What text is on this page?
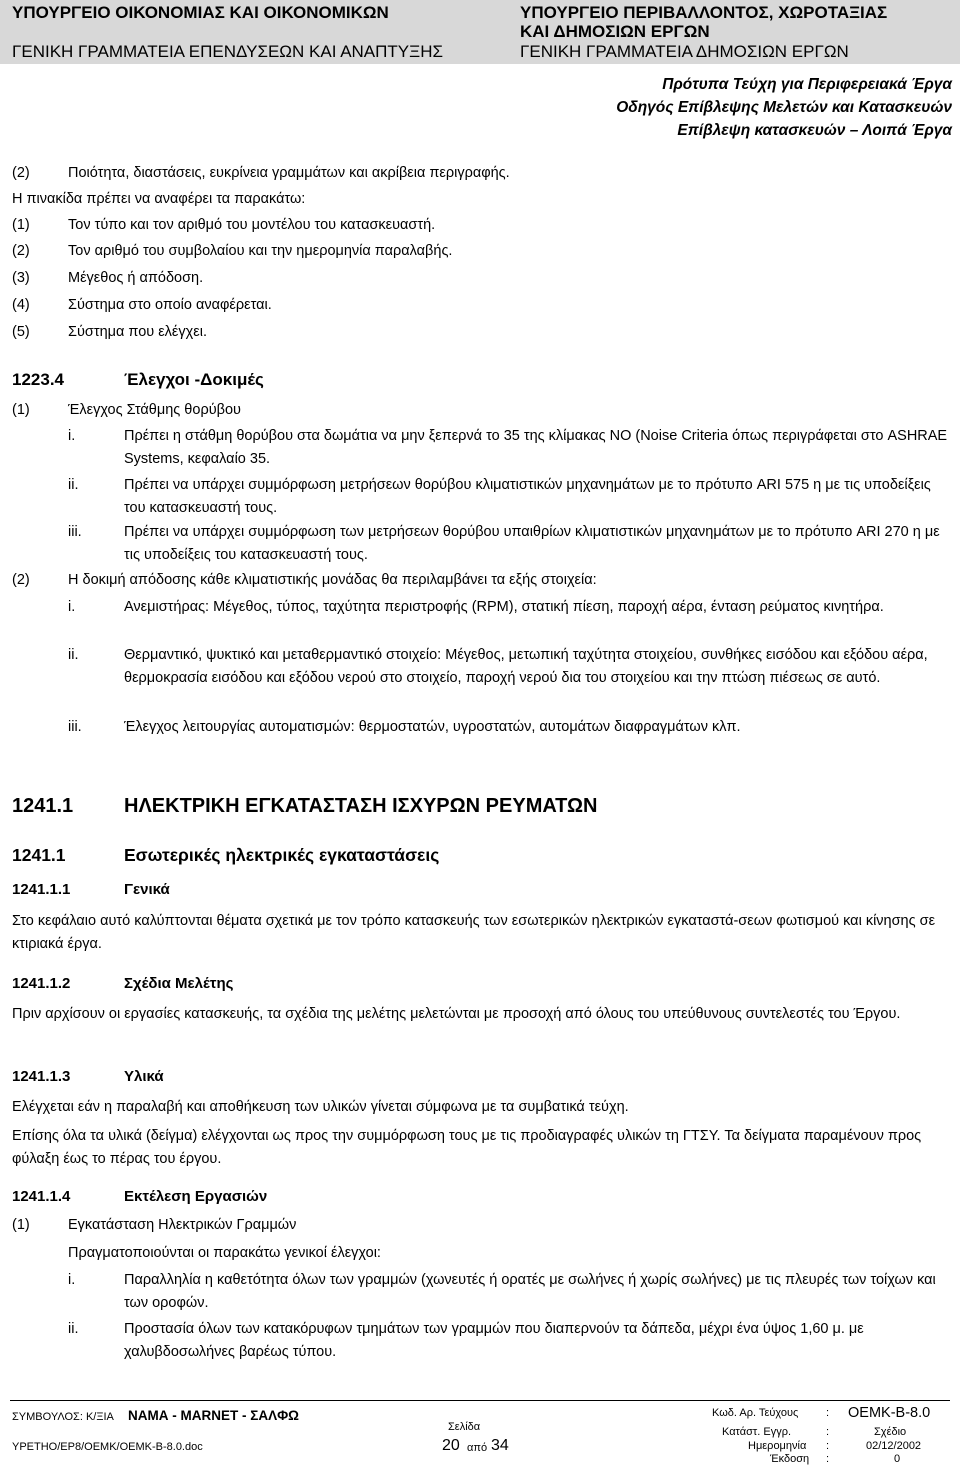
ΥΠΟΥΡΓΕΙΟ ΟΙΚΟΝΟΜΙΑΣ ΚΑΙ ΟΙΚΟΝΟΜΙΚΩΝ
ΓΕΝΙΚΗ ΓΡΑΜΜΑΤΕΙΑ ΕΠΕΝΔΥΣΕΩΝ ΚΑΙ ΑΝΑΠΤΥΞΗΣ
ΥΠΟΥΡΓΕΙΟ ΠΕΡΙΒΑΛΛΟΝΤΟΣ, ΧΩΡΟΤΑΞΙΑΣ
ΚΑΙ ΔΗΜΟΣΙΩΝ ΕΡΓΩΝ
ΓΕΝΙΚΗ ΓΡΑΜΜΑΤΕΙΑ ΔΗΜΟΣΙΩΝ ΕΡΓΩΝ
Πρότυπα Τεύχη για Περιφερειακά Έργα
Οδηγός Επίβλεψης Μελετών και Κατασκευών
Επίβλεψη κατασκευών – Λοιπά Έργα
(2)	Ποιότητα, διαστάσεις, ευκρίνεια γραμμάτων και ακρίβεια περιγραφής.
Η πινακίδα πρέπει να αναφέρει τα παρακάτω:
(1)	Τον τύπο και τον αριθμό του μοντέλου του κατασκευαστή.
(2)	Τον αριθμό του συμβολαίου και την ημερομηνία παραλαβής.
(3)	Μέγεθος ή απόδοση.
(4)	Σύστημα στο οποίο αναφέρεται.
(5)	Σύστημα που ελέγχει.
1223.4	Έλεγχοι -Δοκιμές
(1)	Έλεγχος Στάθμης θορύβου
i.	Πρέπει η στάθμη θορύβου στα δωμάτια να μην ξεπερνά το 35 της κλίμακας NO (Noise Criteria όπως περιγράφεται στο ASHRAE Systems, κεφαλαίο 35.
ii.	Πρέπει να υπάρχει συμμόρφωση μετρήσεων θορύβου κλιματιστικών μηχανημάτων με το πρότυπο ARI 575 η με τις υποδείξεις του κατασκευαστή τους.
iii.	Πρέπει να υπάρχει συμμόρφωση των μετρήσεων θορύβου υπαιθρίων κλιματιστικών μηχανημάτων με το πρότυπο ARI 270 η με τις υποδείξεις του κατασκευαστή τους.
(2)	Η δοκιμή απόδοσης κάθε κλιματιστικής μονάδας θα περιλαμβάνει τα εξής στοιχεία:
i.	Ανεμιστήρας: Μέγεθος, τύπος, ταχύτητα περιστροφής (RPM), στατική πίεση, παροχή αέρα, ένταση ρεύματος κινητήρα.
ii.	Θερμαντικό, ψυκτικό και μεταθερμαντικό στοιχείο: Μέγεθος, μετωπική ταχύτητα στοιχείου, συνθήκες εισόδου και εξόδου αέρα, θερμοκρασία εισόδου και εξόδου νερού στο στοιχείο, παροχή νερού δια του στοιχείου και την πτώση πιέσεως σε αυτό.
iii.	Έλεγχος λειτουργίας αυτοματισμών: θερμοστατών, υγροστατών, αυτομάτων διαφραγμάτων κλπ.
1241.1	ΗΛΕΚΤΡΙΚΗ ΕΓΚΑΤΑΣΤΑΣΗ ΙΣΧΥΡΩΝ ΡΕΥΜΑΤΩΝ
1241.1	Εσωτερικές ηλεκτρικές εγκαταστάσεις
1241.1.1	Γενικά
Στο κεφάλαιο αυτό καλύπτονται θέματα σχετικά με τον τρόπο κατασκευής των εσωτερικών ηλεκτρικών εγκαταστά-σεων φωτισμού και κίνησης σε κτιριακά έργα.
1241.1.2	Σχέδια Μελέτης
Πριν αρχίσουν οι εργασίες κατασκευής, τα σχέδια της μελέτης μελετώνται με προσοχή από όλους του υπεύθυνους συντελεστές του Έργου.
1241.1.3	Υλικά
Ελέγχεται εάν η παραλαβή και αποθήκευση των υλικών γίνεται σύμφωνα με τα συμβατικά τεύχη.
Επίσης όλα τα υλικά (δείγμα) ελέγχονται ως προς την συμμόρφωση τους με τις προδιαγραφές υλικών τη ΓΤΣΥ. Τα δείγματα παραμένουν προς φύλαξη έως το πέρας του έργου.
1241.1.4	Εκτέλεση Εργασιών
(1)	Εγκατάσταση Ηλεκτρικών Γραμμών
Πραγματοποιούνται οι παρακάτω γενικοί έλεγχοι:
i.	Παραλληλία η καθετότητα όλων των γραμμών (χωνευτές ή ορατές με σωλήνες ή χωρίς σωλήνες) με τις πλευρές των τοίχων και των οροφών.
ii.	Προστασία όλων των κατακόρυφων τμημάτων των γραμμών που διαπερνούν τα δάπεδα, μέχρι ένα ύψος 1,60 μ. με χαλυβδοσωλήνες βαρέως τύπου.
ΣΥΜΒΟΥΛΟΣ: Κ/ΞΙΑ ΝΑΜΑ - MARNET - ΣΑΛΦΩ
ΥΡΕΤΗΟ/ΕΡ8/ΟΕΜΚ/ΟΕΜΚ-Β-8.0.doc
Σελίδα
20 από 34
Κωδ. Αρ. Τεύχους	: ΟΕΜΚ-Β-8.0
Κατάστ. Εγγρ.	:	Σχέδιο
Ημερομηνία :	02/12/2002
Έκδοση :	0
